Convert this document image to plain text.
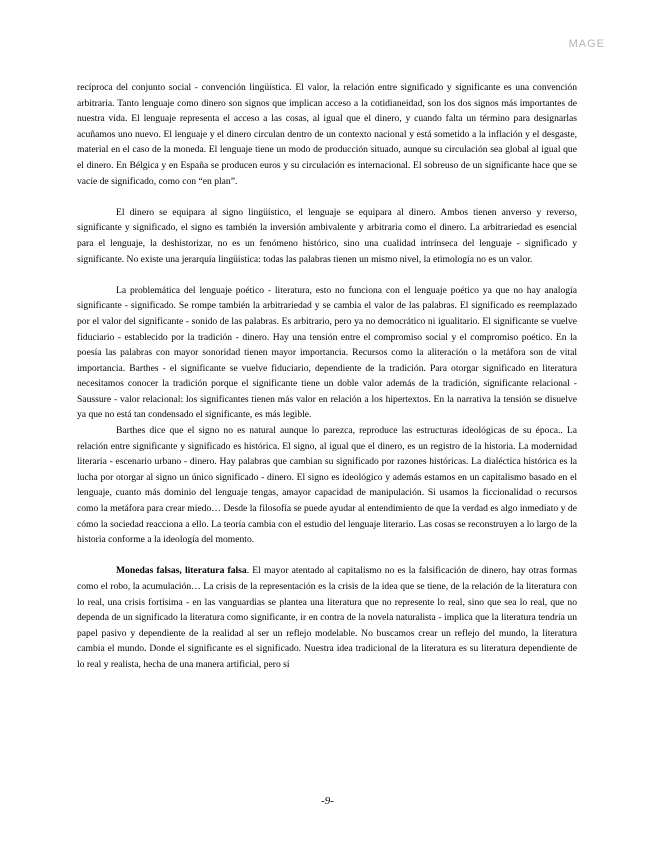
MAGE

recíproca del conjunto social - convención lingüística. El valor, la relación entre significado y significante es una convención arbitraria. Tanto lenguaje como dinero son signos que implican acceso a la cotidianeidad, son los dos signos más importantes de nuestra vida. El lenguaje representa el acceso a las cosas, al igual que el dinero, y cuando falta un término para designarlas acuñamos uno nuevo. El lenguaje y el dinero circulan dentro de un contexto nacional y está sometido a la inflación y el desgaste, material en el caso de la moneda. El lenguaje tiene un modo de producción situado, aunque su circulación sea global al igual que el dinero. En Bélgica y en España se producen euros y su circulación es internacional. El sobreuso de un significante hace que se vacíe de significado, como con “en plan”.

El dinero se equipara al signo lingüístico, el lenguaje se equipara al dinero. Ambos tienen anverso y reverso, significante y significado, el signo es también la inversión ambivalente y arbitraria como el dinero. La arbitrariedad es esencial para el lenguaje, la deshistorizar, no es un fenómeno histórico, sino una cualidad intrínseca del lenguaje - significado y significante. No existe una jerarquía lingüística: todas las palabras tienen un mismo nivel, la etimología no es un valor.

La problemática del lenguaje poético - literatura, esto no funciona con el lenguaje poético ya que no hay analogía significante - significado. Se rompe también la arbitrariedad y se cambia el valor de las palabras. El significado es reemplazado por el valor del significante - sonido de las palabras. Es arbitrario, pero ya no democrático ni igualitario. El significante se vuelve fiduciario - establecido por la tradición - dinero. Hay una tensión entre el compromiso social y el compromiso poético. En la poesía las palabras con mayor sonoridad tienen mayor importancia. Recursos como la aliteración o la metáfora son de vital importancia. Barthes - el significante se vuelve fiduciario, dependiente de la tradición. Para otorgar significado en literatura necesitamos conocer la tradición porque el significante tiene un doble valor además de la tradición, significante relacional - Saussure - valor relacional: los significantes tienen más valor en relación a los hipertextos. En la narrativa la tensión se disuelve ya que no está tan condensado el significante, es más legible.

Barthes dice que el signo no es natural aunque lo parezca, reproduce las estructuras ideológicas de su época.. La relación entre significante y significado es histórica. El signo, al igual que el dinero, es un registro de la historia. La modernidad literaria - escenario urbano - dinero. Hay palabras que cambian su significado por razones históricas. La dialéctica histórica es la lucha por otorgar al signo un único significado - dinero. El signo es ideológico y además estamos en un capitalismo basado en el lenguaje, cuanto más dominio del lenguaje tengas, amayor capacidad de manipulación. Si usamos la ficcionalidad o recursos como la metáfora para crear miedo… Desde la filosofía se puede ayudar al entendimiento de que la verdad es algo inmediato y de cómo la sociedad reacciona a ello. La teoría cambia con el estudio del lenguaje literario. Las cosas se reconstruyen a lo largo de la historia conforme a la ideología del momento.

Monedas falsas, literatura falsa. El mayor atentado al capitalismo no es la falsificación de dinero, hay otras formas como el robo, la acumulación… La crisis de la representación es la crisis de la idea que se tiene, de la relación de la literatura con lo real, una crisis fortísima - en las vanguardias se plantea una literatura que no represente lo real, sino que sea lo real, que no dependa de un significado la literatura como significante, ir en contra de la novela naturalista - implica que la literatura tendría un papel pasivo y dependiente de la realidad al ser un reflejo modelable. No buscamos crear un reflejo del mundo, la literatura cambia el mundo. Donde el significante es el significado. Nuestra idea tradicional de la literatura es su literatura dependiente de lo real y realista, hecha de una manera artificial, pero sí

-9-
